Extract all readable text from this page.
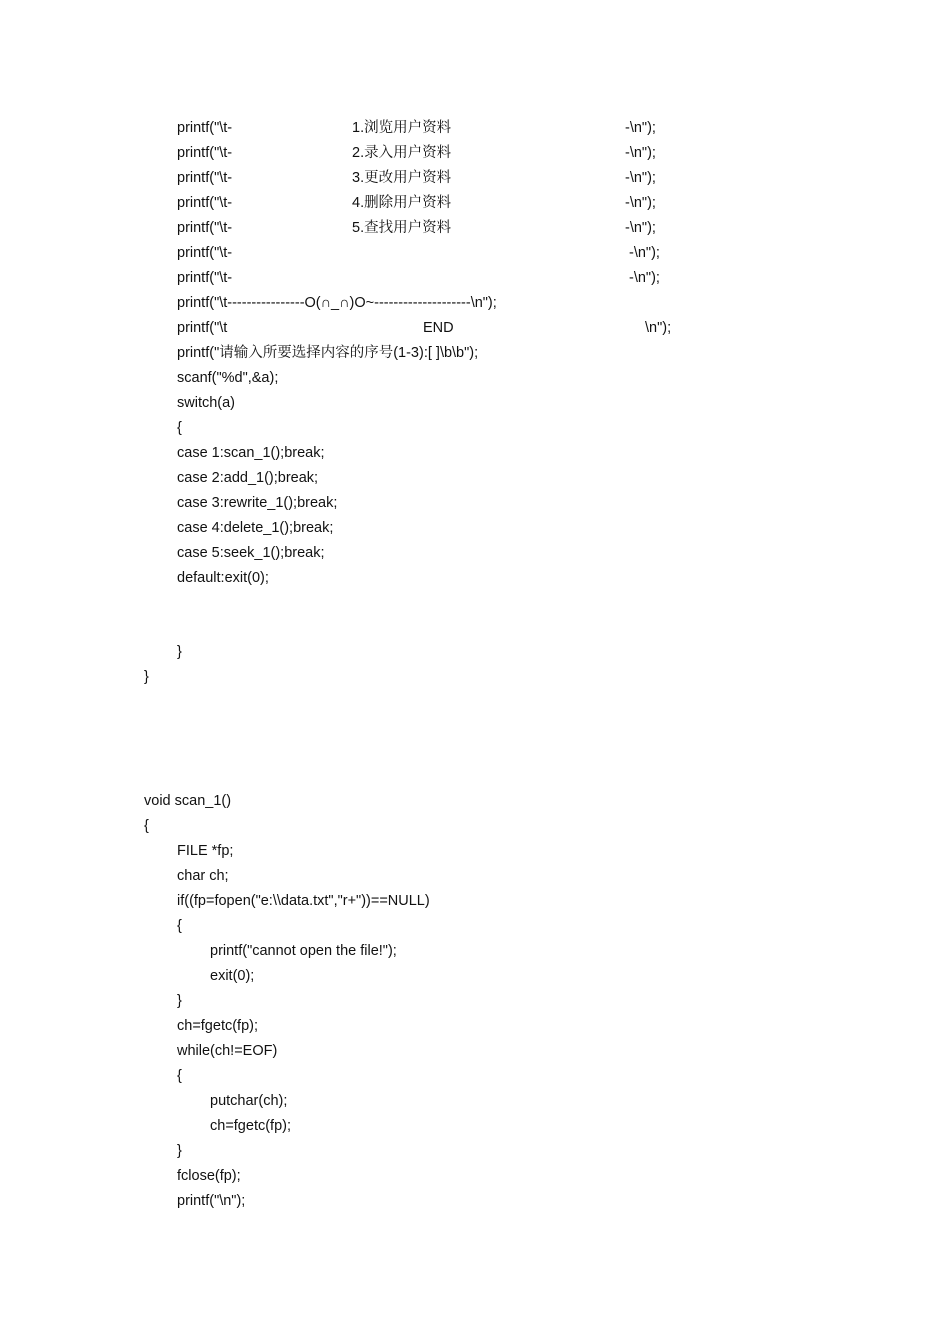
printf("\t-	1.浏览用户资料	-\n");
printf("\t-	2.录入用户资料	-\n");
printf("\t-	3.更改用户资料	-\n");
printf("\t-	4.删除用户资料	-\n");
printf("\t-	5.查找用户资料	-\n");
printf("\t-	-\n");
printf("\t-	-\n");
printf("\t----------------O(∩_∩)O~--------------------\n");
printf("\t	END	\n");
printf("请输入所要选择内容的序号(1-3):[ ]\b\b");
scanf("%d",&a);
switch(a)
{
case 1:scan_1();break;
case 2:add_1();break;
case 3:rewrite_1();break;
case 4:delete_1();break;
case 5:seek_1();break;
default:exit(0);
}
}
void scan_1()
{
FILE *fp;
char ch;
if((fp=fopen("e:\\data.txt","r+"))==NULL)
{
printf("cannot open the file!");
exit(0);
}
ch=fgetc(fp);
while(ch!=EOF)
{
putchar(ch);
ch=fgetc(fp);
}
fclose(fp);
printf("\n");
